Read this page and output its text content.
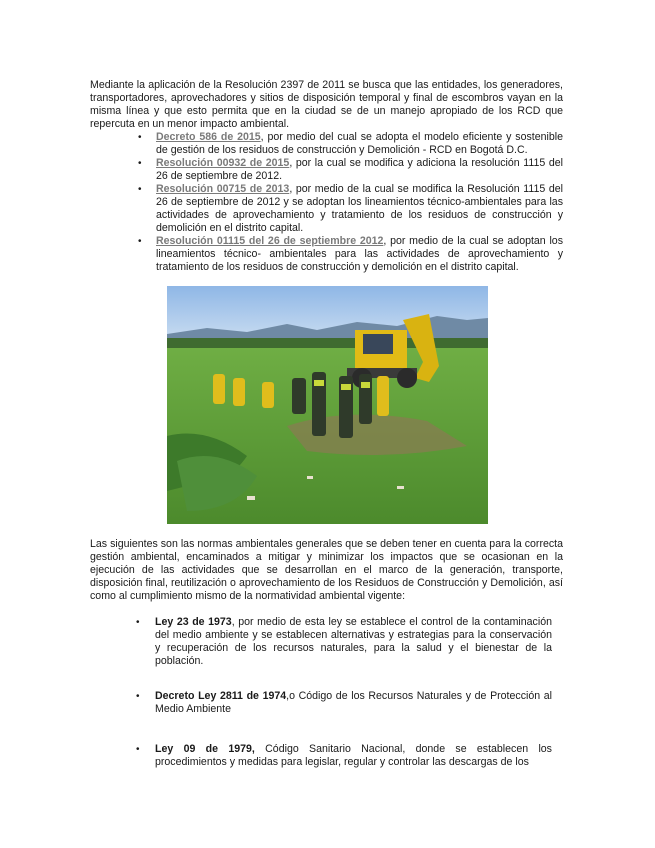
Mediante la aplicación de la Resolución 2397 de 2011 se busca que las entidades, los generadores, transportadores, aprovechadores y sitios de disposición temporal y final de escombros vayan en la misma línea y que esto permita que en la ciudad se de un manejo apropiado de los RCD que repercuta en un menor impacto ambiental.

• Decreto 586 de 2015, por medio del cual se adopta el modelo eficiente y sostenible de gestión de los residuos de construcción y Demolición - RCD en Bogotá D.C.
• Resolución 00932 de 2015, por la cual se modifica y adiciona la resolución 1115 del 26 de septiembre de 2012.
• Resolución 00715 de 2013, por medio de la cual se modifica la Resolución 1115 del 26 de septiembre de 2012 y se adoptan los lineamientos técnico-ambientales para las actividades de aprovechamiento y tratamiento de los residuos de construcción y demolición en el distrito capital.
• Resolución 01115 del 26 de septiembre 2012, por medio de la cual se adoptan los lineamientos técnico- ambientales para las actividades de aprovechamiento y tratamiento de los residuos de construcción y demolición en el distrito capital.

Las siguientes son las normas ambientales generales que se deben tener en cuenta para la correcta gestión ambiental, encaminados a mitigar y minimizar los impactos que se ocasionan en la ejecución de las actividades que se desarrollan en el marco de la generación, transporte, disposición final, reutilización o aprovechamiento de los Residuos de Construcción y Demolición, así como al cumplimiento mismo de la normatividad ambiental vigente:

• Ley 23 de 1973, por medio de esta ley se establece el control de la contaminación del medio ambiente y se establecen alternativas y estrategias para la conservación y recuperación de los recursos naturales, para la salud y el bienestar de la población.
• Decreto Ley 2811 de 1974,o Código de los Recursos Naturales y de Protección al Medio Ambiente
• Ley 09 de 1979, Código Sanitario Nacional, donde se establecen los procedimientos y medidas para legislar, regular y controlar las descargas de los
